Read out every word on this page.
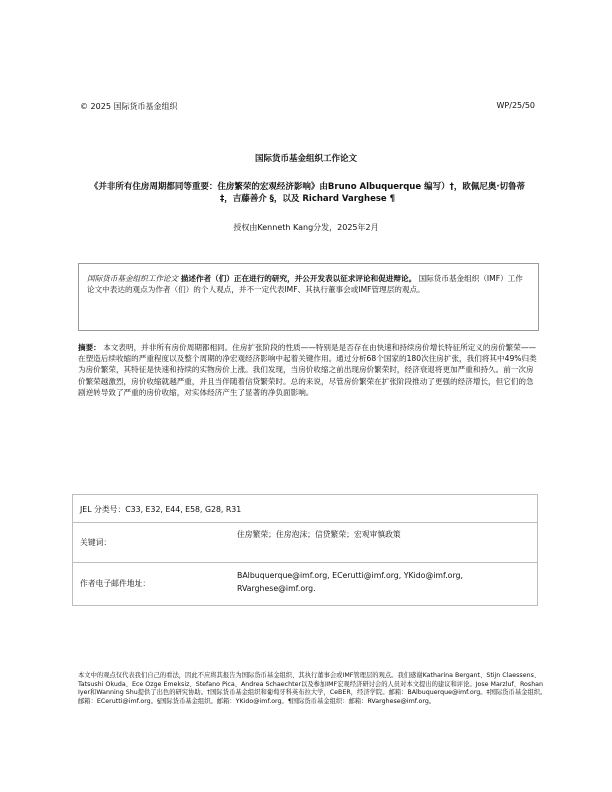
© 2025 国际货币基金组织	WP/25/50
国际货币基金组织工作论文
《并非所有住房周期都同等重要：住房繁荣的宏观经济影响》由Bruno Albuquerque 编写）†，欧佩尼奥·切鲁蒂 ‡，吉藤善介 §，以及 Richard Varghese ¶
授权由Kenneth Kang分发，2025年2月
国际货币基金组织工作论文 描述作者（们）正在进行的研究，并公开发表以征求评论和促进辩论。 国际货币基金组织（IMF）工作论文中表达的观点为作者（们）的个人观点，并不一定代表IMF、其执行董事会或IMF管理层的观点。
摘要： 本文表明，并非所有房价周期都相同。住房扩张阶段的性质——特别是是否存在由快速和持续房价增长特征所定义的房价繁荣——在塑造后续收缩的严重程度以及整个周期的净宏观经济影响中起着关键作用。通过分析68个国家的180次住房扩张，我们将其中49%归类为房价繁荣，其特征是快速和持续的实物房价上涨。我们发现，当房价收缩之前出现房价繁荣时，经济衰退将更加严重和持久。前一次房价繁荣越激烈，房价收缩就越严重，并且当伴随着信贷繁荣时。总的来说，尽管房价繁荣在扩张阶段推动了更强的经济增长，但它们的急剧逆转导致了严重的房价收缩，对实体经济产生了显著的净负面影响。
JEL 分类号：C33, E32, E44, E58, G28, R31
关键词：
住房繁荣；住房泡沫；信贷繁荣；宏观审慎政策
作者电子邮件地址：
BAlbuquerque@imf.org, ECerutti@imf.org, YKido@imf.org, RVarghese@imf.org.
本文中的观点仅代表我们自己的看法，因此不应将其报告为国际货币基金组织、其执行董事会或IMF管理层的观点。我们感谢Katharina Bergant、Stijn Claessens、Tatsushi Okuda、Ece Ozge Emeksiz、Stefano Pica、Andrea Schaechter以及参加IMF宏观经济研讨会的人员对本文提出的建议和评论。Jose Marzluf、Roshan Iyer和Wanning Shu提供了出色的研究协助。†国际货币基金组织和葡萄牙科英布拉大学，CeBER，经济学院。邮箱：BAlbuquerque@imf.org。‡国际货币基金组织。邮箱：ECerutti@imf.org。§国际货币基金组织。邮箱：YKido@imf.org。¶国际货币基金组织：邮箱：RVarghese@imf.org。
